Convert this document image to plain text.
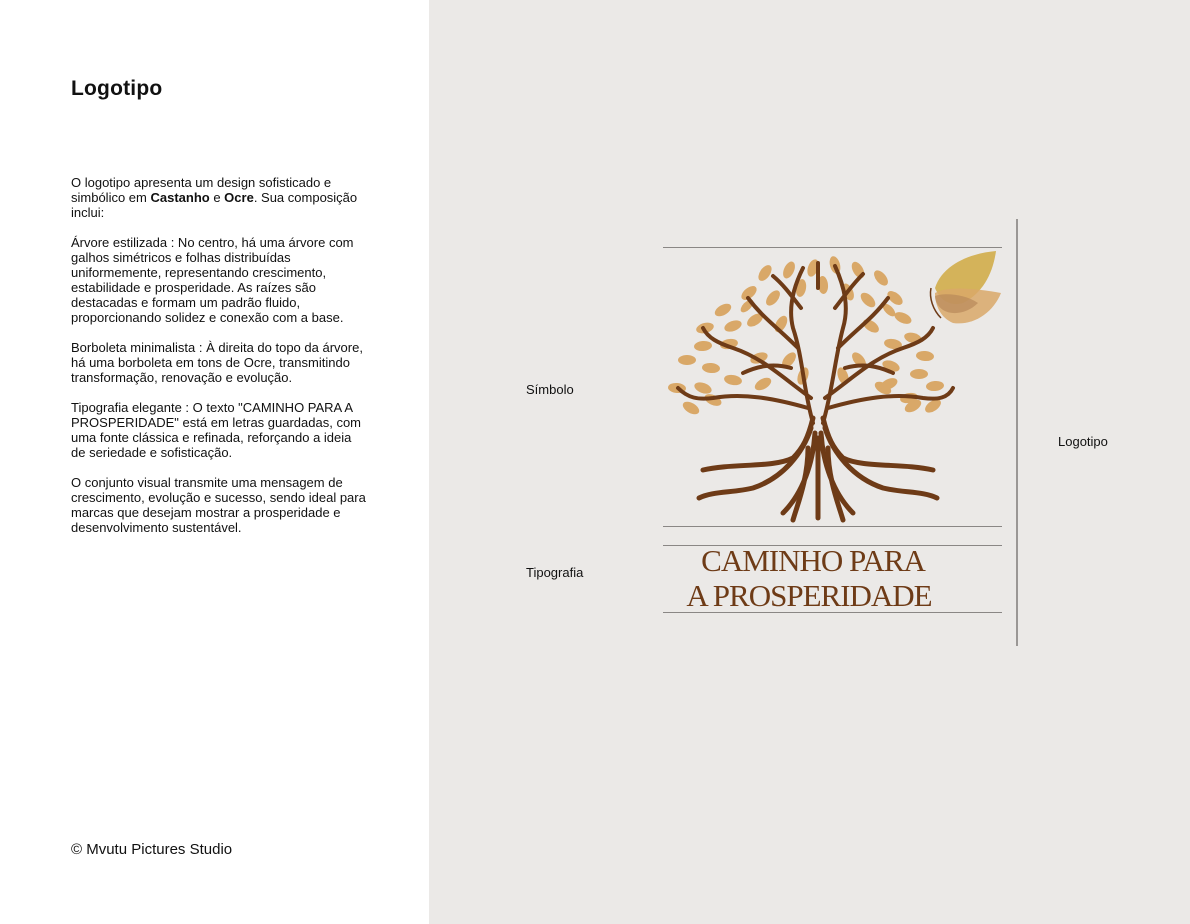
Logotipo

O logotipo apresenta um design sofisticado e simbólico em Castanho e Ocre. Sua composição inclui:

Árvore estilizada : No centro, há uma árvore com galhos simétricos e folhas distribuídas uniformemente, representando crescimento, estabilidade e prosperidade. As raízes são destacadas e formam um padrão fluido, proporcionando solidez e conexão com a base.

Borboleta minimalista : À direita do topo da árvore, há uma borboleta em tons de Ocre, transmitindo transformação, renovação e evolução.

Tipografia elegante : O texto "CAMINHO PARA A PROSPERIDADE" está em letras guardadas, com uma fonte clássica e refinada, reforçando a ideia de seriedade e sofisticação.

O conjunto visual transmite uma mensagem de crescimento, evolução e sucesso, sendo ideal para marcas que desejam mostrar a prosperidade e desenvolvimento sustentável.

© Mvutu Pictures Studio
Símbolo
Tipografia
Logotipo
CAMINHO PARA
A PROSPERIDADE
